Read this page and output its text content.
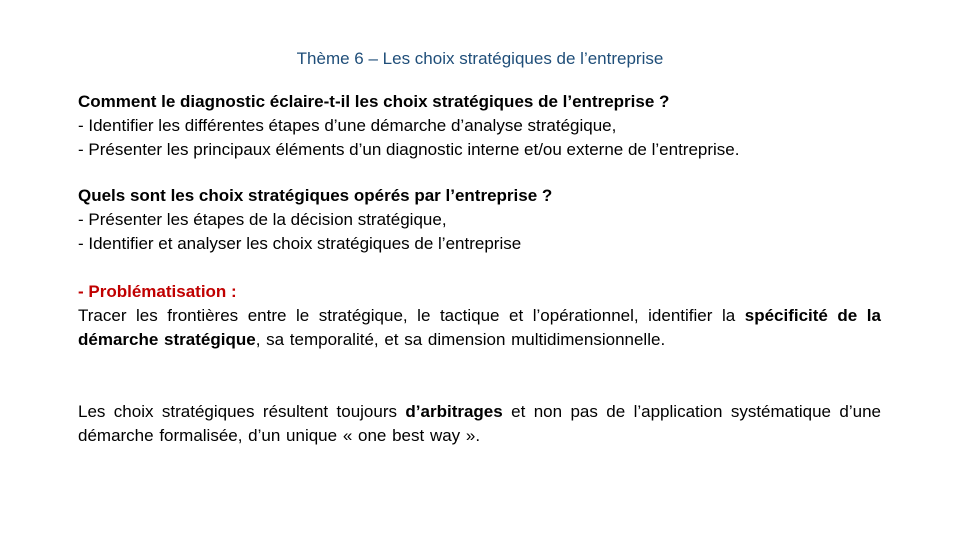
Thème 6 – Les choix stratégiques de l’entreprise
Comment le diagnostic éclaire-t-il les choix stratégiques de l’entreprise ?
- Identifier les différentes étapes d’une démarche d’analyse stratégique,
- Présenter les principaux éléments d’un diagnostic interne et/ou externe de l’entreprise.
Quels sont les choix stratégiques opérés par l’entreprise ?
- Présenter les étapes de la décision stratégique,
- Identifier et analyser les choix stratégiques de l’entreprise
- Problématisation :
Tracer les frontières entre le stratégique, le tactique et l’opérationnel, identifier la spécificité de la démarche stratégique, sa temporalité, et sa dimension multidimensionnelle.
Les choix stratégiques résultent toujours d’arbitrages et non pas de l’application systématique d’une démarche formalisée, d’un unique « one best way ».
